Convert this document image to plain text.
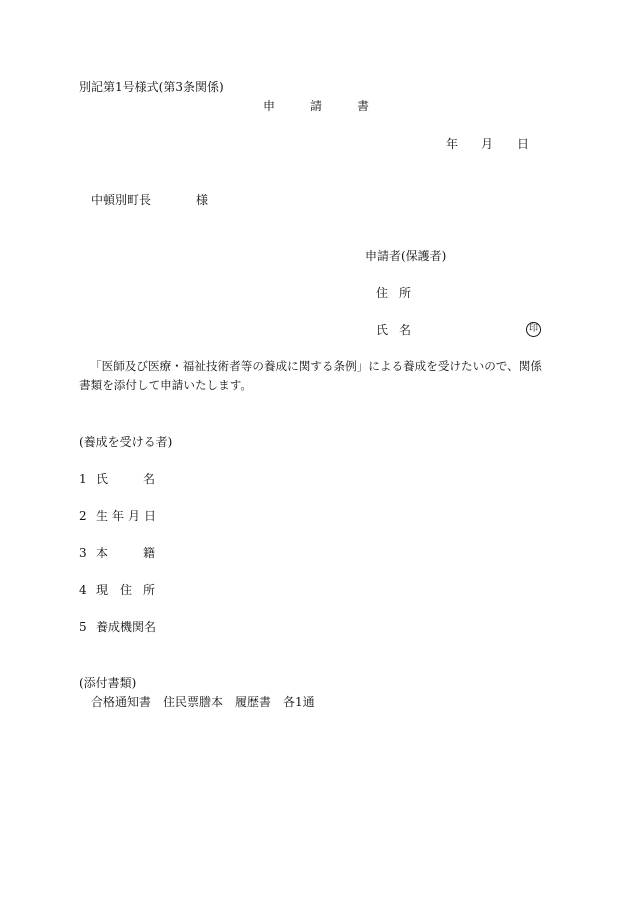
別記第1号様式(第3条関係)
申	請	書
年 月 日
中頓別町長	様
申請者(保護者)
住 所
氏 名	印
「医師及び医療・福祉技術者等の養成に関する条例」による養成を受けたいので、関係
書類を添付して申請いたします。
(養成を受ける者)
1 氏	名
2 生 年 月 日
3 本	籍
4 現 住 所
5 養成機関名
(添付書類)
合格通知書　住民票謄本　履歴書　各1通
